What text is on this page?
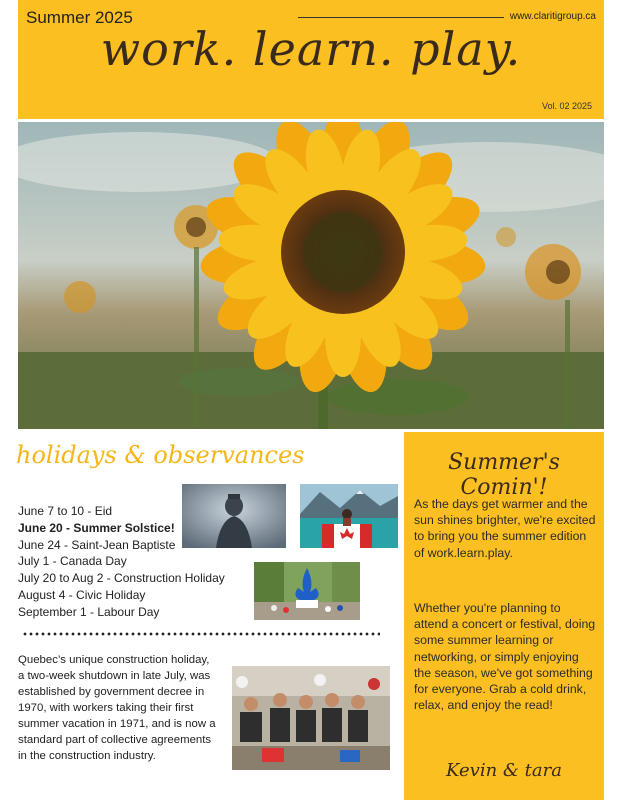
Summer 2025	www.claritigroup.ca
work. learn. play.
Vol. 02 2025
holidays & observances
June 7 to 10 - Eid
June 20 - Summer Solstice!
June 24 - Saint-Jean Baptiste
July 1 - Canada Day
July 20 to Aug 2 - Construction Holiday
August 4 - Civic Holiday
September 1 - Labour Day

Quebec’s unique construction holiday, a two-week shutdown in late July, was established by government decree in 1970, with workers taking their first summer vacation in 1971, and is now a standard part of collective agreements in the construction industry.

Summer's Comin'!

As the days get warmer and the sun shines brighter, we're excited to bring you the summer edition of work.learn.play.

Whether you're planning to attend a concert or festival, doing some summer learning or networking, or simply enjoying the season, we've got something for everyone. Grab a cold drink, relax, and enjoy the read!

Kevin & tara
